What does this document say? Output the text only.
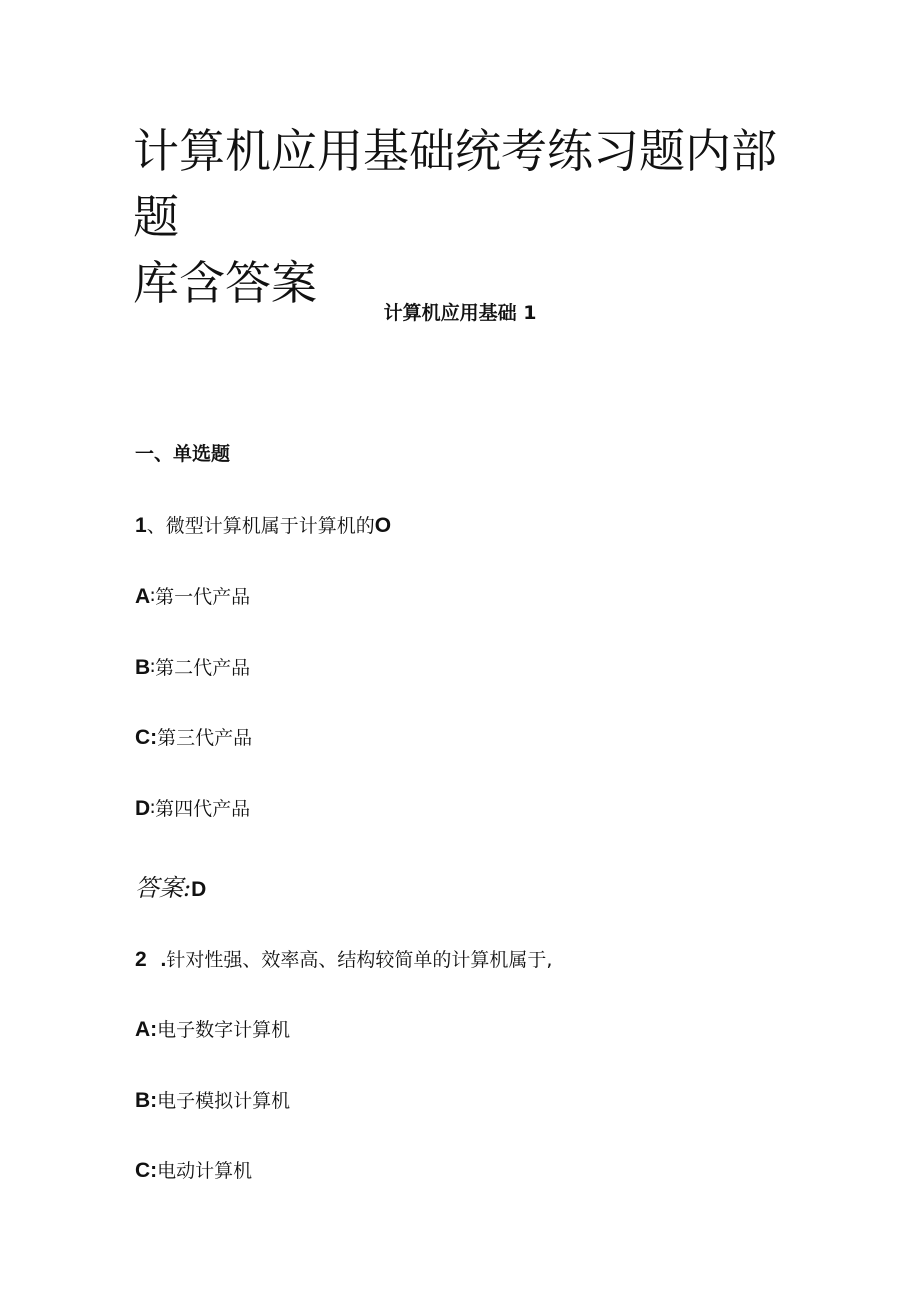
计算机应用基础统考练习题内部题
库含答案

计算机应用基础 1

一、单选题

1、微型计算机属于计算机的O

A∶第一代产品

B∶第二代产品

C:第三代产品

D∶第四代产品

答案:D

2 .针对性强、效率高、结构较简单的计算机属于,

A:电子数字计算机

B:电子模拟计算机

C:电动计算机
